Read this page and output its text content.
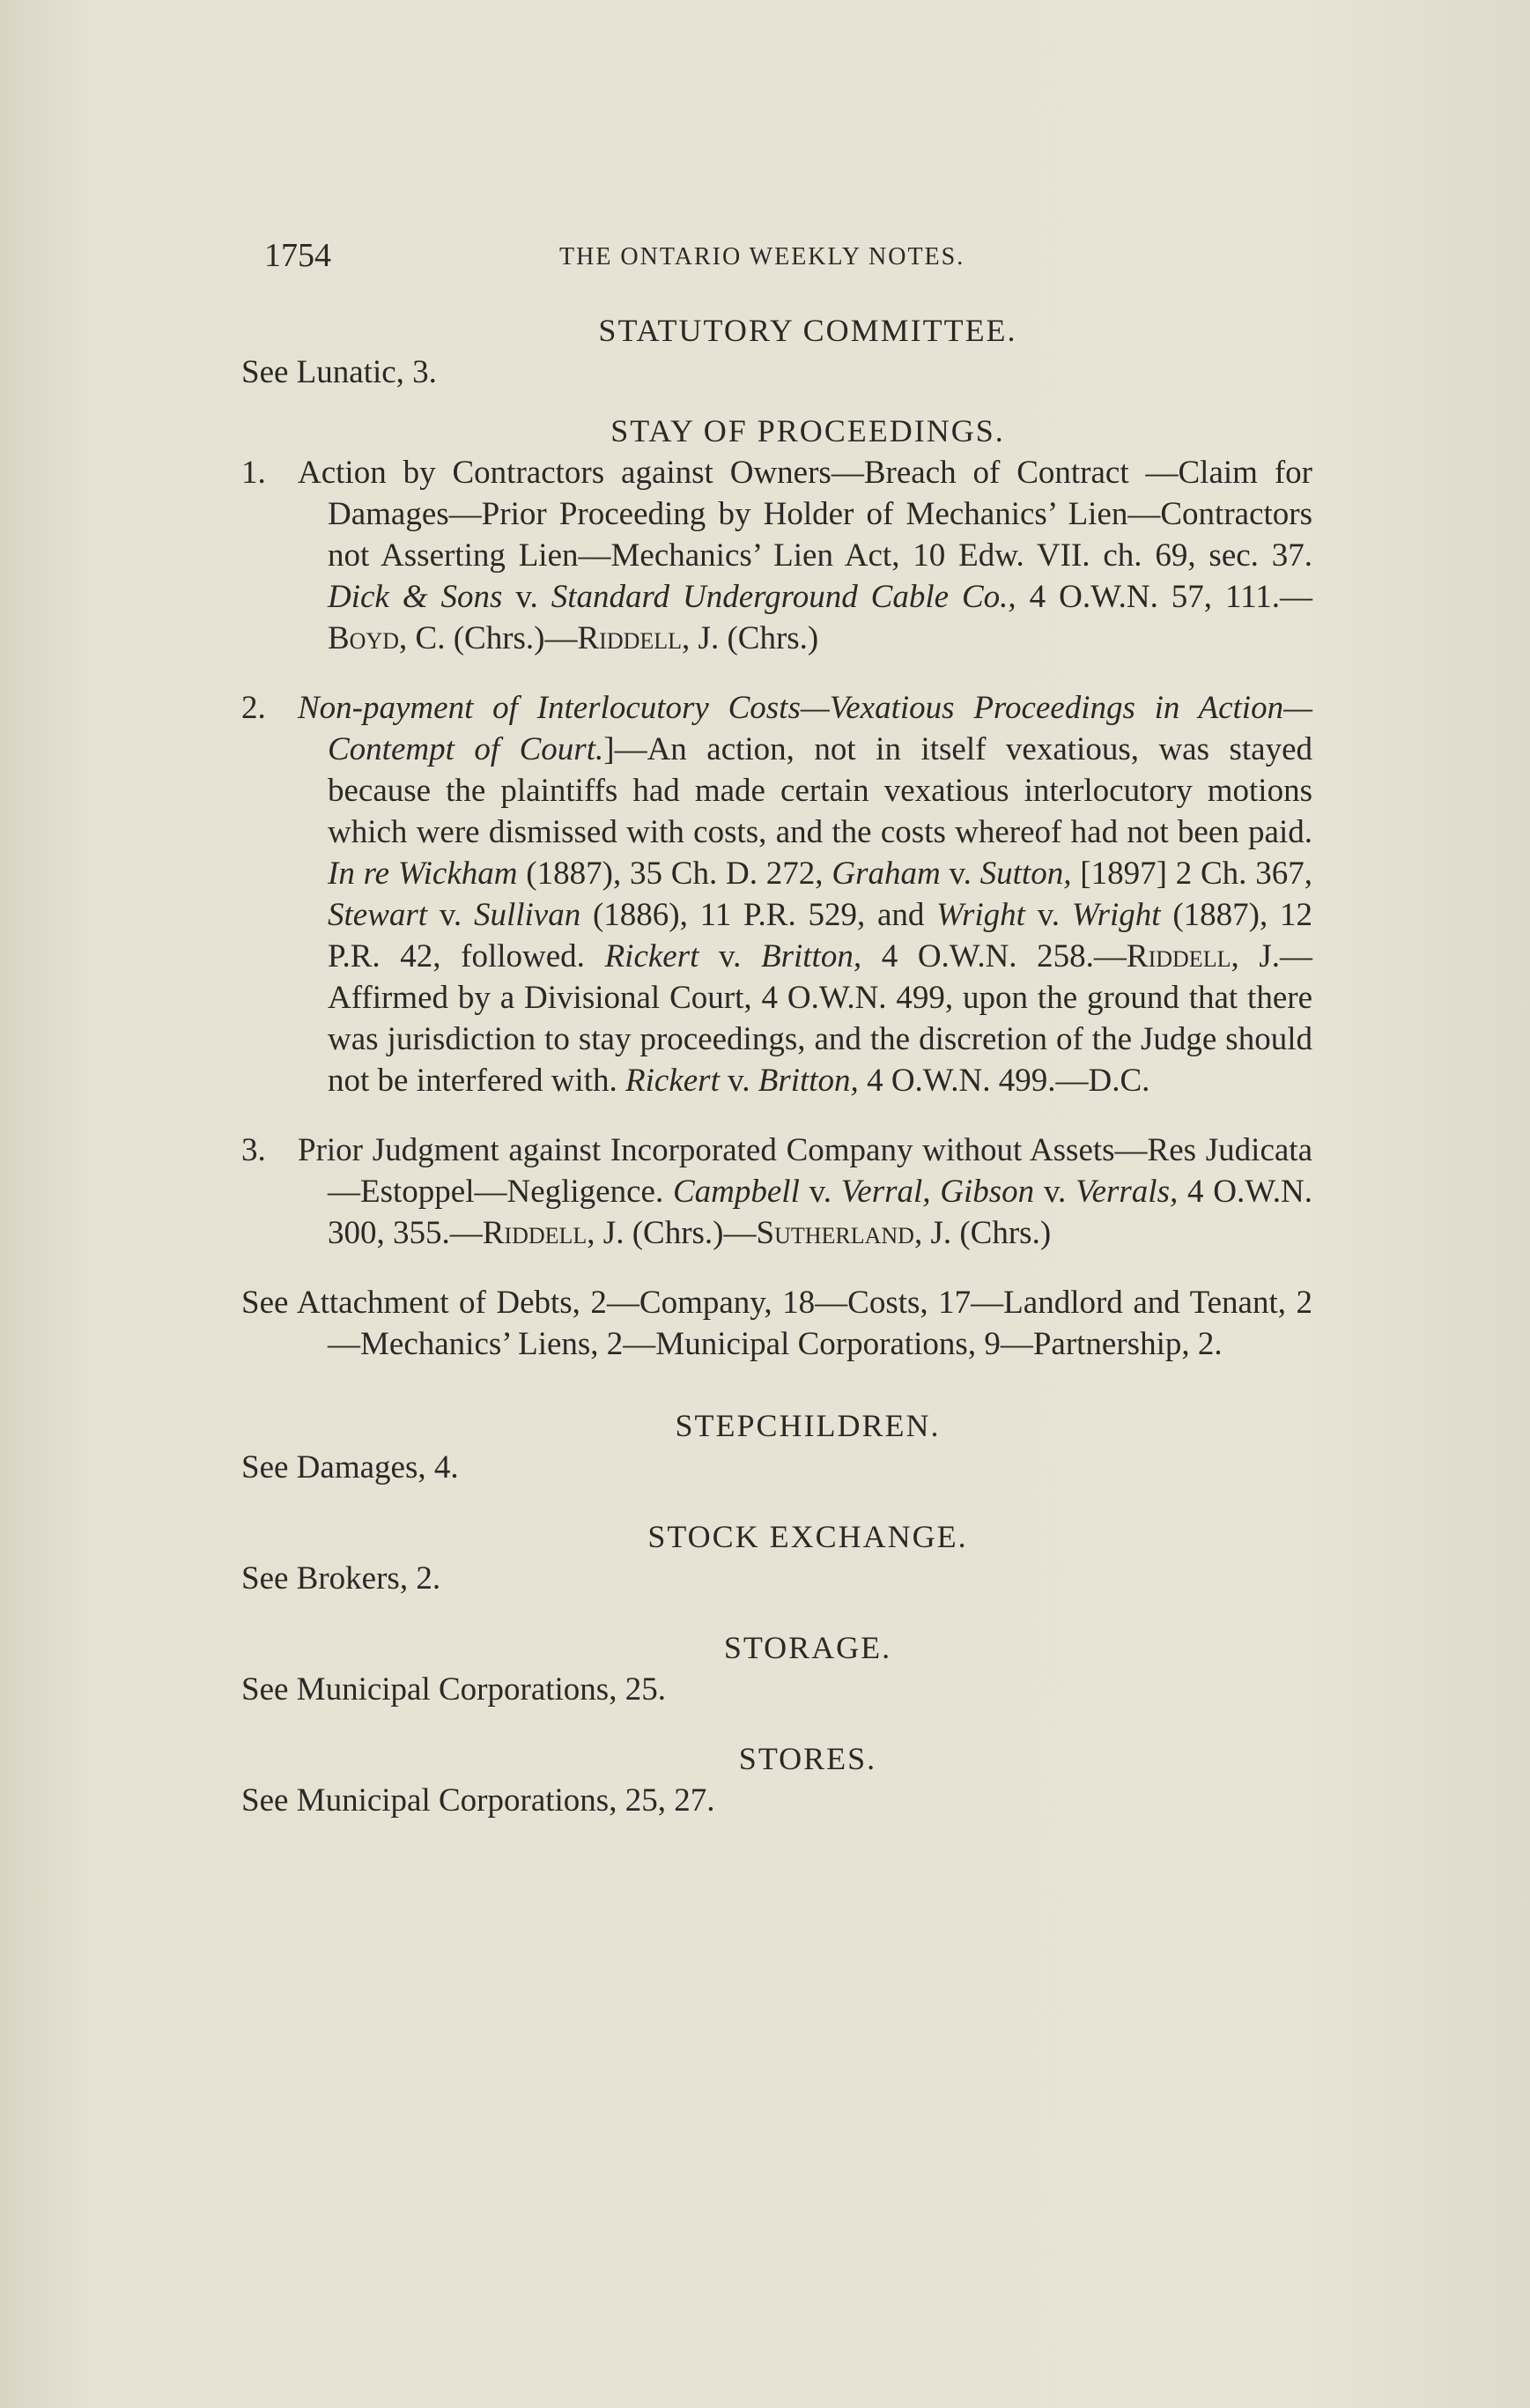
1754	THE ONTARIO WEEKLY NOTES.
STATUTORY COMMITTEE.

See Lunatic, 3.

STAY OF PROCEEDINGS.

1. Action by Contractors against Owners—Breach of Contract —Claim for Damages—Prior Proceeding by Holder of Mechanics’ Lien—Contractors not Asserting Lien—Mechanics’ Lien Act, 10 Edw. VII. ch. 69, sec. 37. Dick & Sons v. Standard Underground Cable Co., 4 O.W.N. 57, 111.—Boyd, C. (Chrs.)—Riddell, J. (Chrs.)

2. Non-payment of Interlocutory Costs—Vexatious Proceedings in Action—Contempt of Court.]—An action, not in itself vexatious, was stayed because the plaintiffs had made certain vexatious interlocutory motions which were dismissed with costs, and the costs whereof had not been paid. In re Wickham (1887), 35 Ch. D. 272, Graham v. Sutton, [1897] 2 Ch. 367, Stewart v. Sullivan (1886), 11 P.R. 529, and Wright v. Wright (1887), 12 P.R. 42, followed. Rickert v. Britton, 4 O.W.N. 258.—Riddell, J.—Affirmed by a Divisional Court, 4 O.W.N. 499, upon the ground that there was jurisdiction to stay proceedings, and the discretion of the Judge should not be interfered with. Rickert v. Britton, 4 O.W.N. 499.—D.C.

3. Prior Judgment against Incorporated Company without Assets—Res Judicata—Estoppel—Negligence. Campbell v. Verral, Gibson v. Verrals, 4 O.W.N. 300, 355.—Riddell, J. (Chrs.)—Sutherland, J. (Chrs.)

See Attachment of Debts, 2—Company, 18—Costs, 17—Landlord and Tenant, 2—Mechanics’ Liens, 2—Municipal Corporations, 9—Partnership, 2.

STEPCHILDREN.

See Damages, 4.

STOCK EXCHANGE.

See Brokers, 2.

STORAGE.

See Municipal Corporations, 25.

STORES.

See Municipal Corporations, 25, 27.
